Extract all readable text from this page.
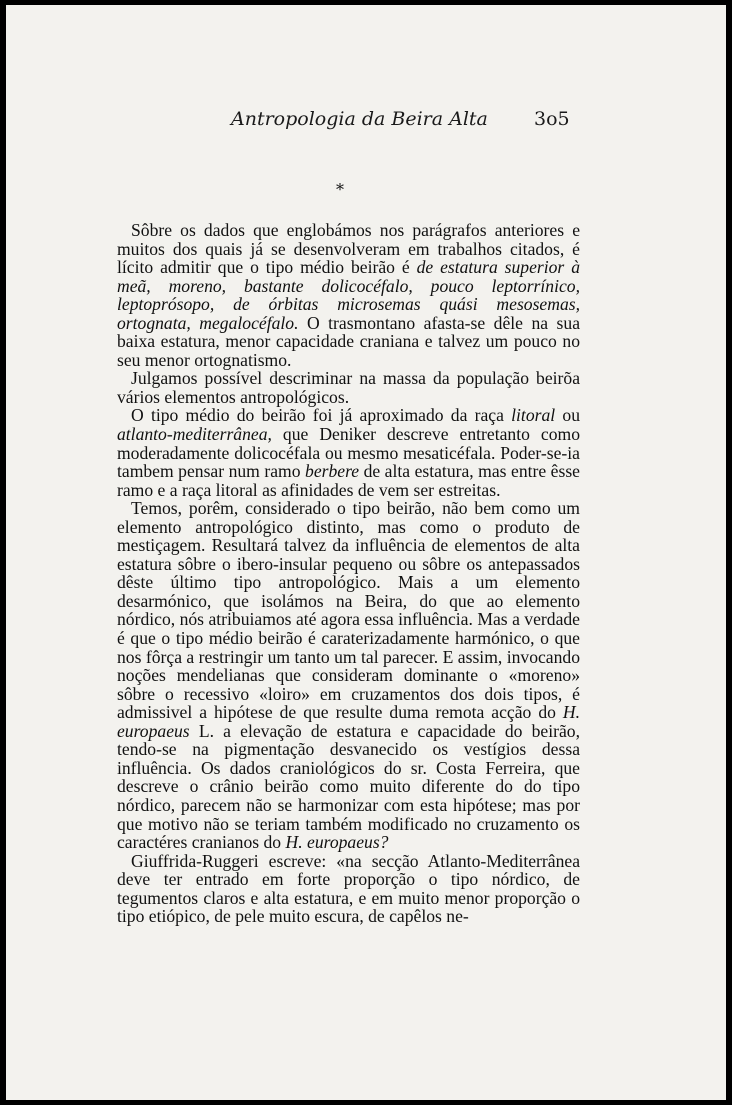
Antropologia da Beira Alta 3o5
*

Sôbre os dados que englobámos nos parágrafos anteriores e muitos dos quais já se desenvolveram em trabalhos citados, é lícito admitir que o tipo médio beirão é de estatura superior à meã, moreno, bastante dolicocéfalo, pouco leptorrínico, leptoprósopo, de órbitas microsemas quási mesosemas, ortognata, megalocéfalo. O trasmontano afasta-se dêle na sua baixa estatura, menor capacidade craniana e talvez um pouco no seu menor ortognatismo.

Julgamos possível descriminar na massa da população beirõa vários elementos antropológicos.

O tipo médio do beirão foi já aproximado da raça litoral ou atlanto-mediterrânea, que Deniker descreve entretanto como moderadamente dolicocéfala ou mesmo mesaticéfala. Poder-se-ia tambem pensar num ramo berbere de alta estatura, mas entre êsse ramo e a raça litoral as afinidades de vem ser estreitas.

Temos, porêm, considerado o tipo beirão, não bem como um elemento antropológico distinto, mas como o produto de mestiçagem. Resultará talvez da influência de elementos de alta estatura sôbre o ibero-insular pequeno ou sôbre os antepassados dêste último tipo antropológico. Mais a um elemento desarmónico, que isolámos na Beira, do que ao elemento nórdico, nós atribuiamos até agora essa influência. Mas a verdade é que o tipo médio beirão é caraterizadamente harmónico, o que nos fôrça a restringir um tanto um tal parecer. E assim, invocando noções mendelianas que consideram dominante o «moreno» sôbre o recessivo «loiro» em cruzamentos dos dois tipos, é admissivel a hipótese de que resulte duma remota acção do H. europaeus L. a elevação de estatura e capacidade do beirão, tendo-se na pigmentação desvanecido os vestígios dessa influência. Os dados craniológicos do sr. Costa Ferreira, que descreve o crânio beirão como muito diferente do do tipo nórdico, parecem não se harmonizar com esta hipótese; mas por que motivo não se teriam também modificado no cruzamento os caractéres cranianos do H. europaeus?

Giuffrida-Ruggeri escreve: «na secção Atlanto-Mediterrânea deve ter entrado em forte proporção o tipo nórdico, de tegumentos claros e alta estatura, e em muito menor proporção o tipo etiópico, de pele muito escura, de capêlos ne-
